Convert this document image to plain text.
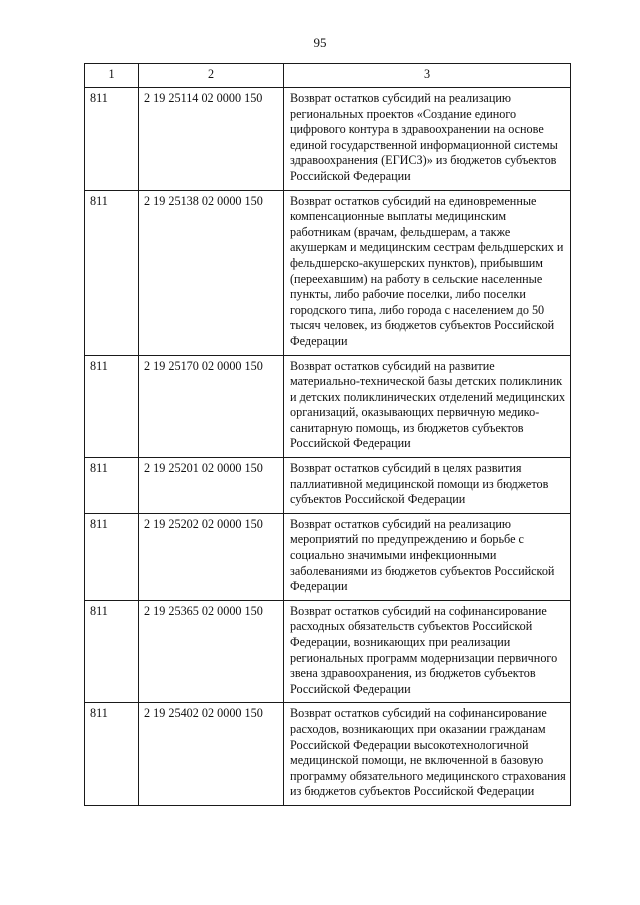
95
1	2	3
811	2 19 25114 02 0000 150	Возврат остатков субсидий на реализацию региональных проектов «Создание единого цифрового контура в здравоохранении на основе единой государственной информационной системы здравоохранения (ЕГИСЗ)» из бюджетов субъектов Российской Федерации
811	2 19 25138 02 0000 150	Возврат остатков субсидий на единовременные компенсационные выплаты медицинским работникам (врачам, фельдшерам, а также акушеркам и медицинским сестрам фельдшерских и фельдшерско-акушерских пунктов), прибывшим (переехавшим) на работу в сельские населенные пункты, либо рабочие поселки, либо поселки городского типа, либо города с населением до 50 тысяч человек, из бюджетов субъектов Российской Федерации
811	2 19 25170 02 0000 150	Возврат остатков субсидий на развитие материально-технической базы детских поликлиник и детских поликлинических отделений медицинских организаций, оказывающих первичную медико-санитарную помощь, из бюджетов субъектов Российской Федерации
811	2 19 25201 02 0000 150	Возврат остатков субсидий в целях развития паллиативной медицинской помощи из бюджетов субъектов Российской Федерации
811	2 19 25202 02 0000 150	Возврат остатков субсидий на реализацию мероприятий по предупреждению и борьбе с социально значимыми инфекционными заболеваниями из бюджетов субъектов Российской Федерации
811	2 19 25365 02 0000 150	Возврат остатков субсидий на софинансирование расходных обязательств субъектов Российской Федерации, возникающих при реализации региональных программ модернизации первичного звена здравоохранения, из бюджетов субъектов Российской Федерации
811	2 19 25402 02 0000 150	Возврат остатков субсидий на софинансирование расходов, возникающих при оказании гражданам Российской Федерации высокотехнологичной медицинской помощи, не включенной в базовую программу обязательного медицинского страхования из бюджетов субъектов Российской Федерации
